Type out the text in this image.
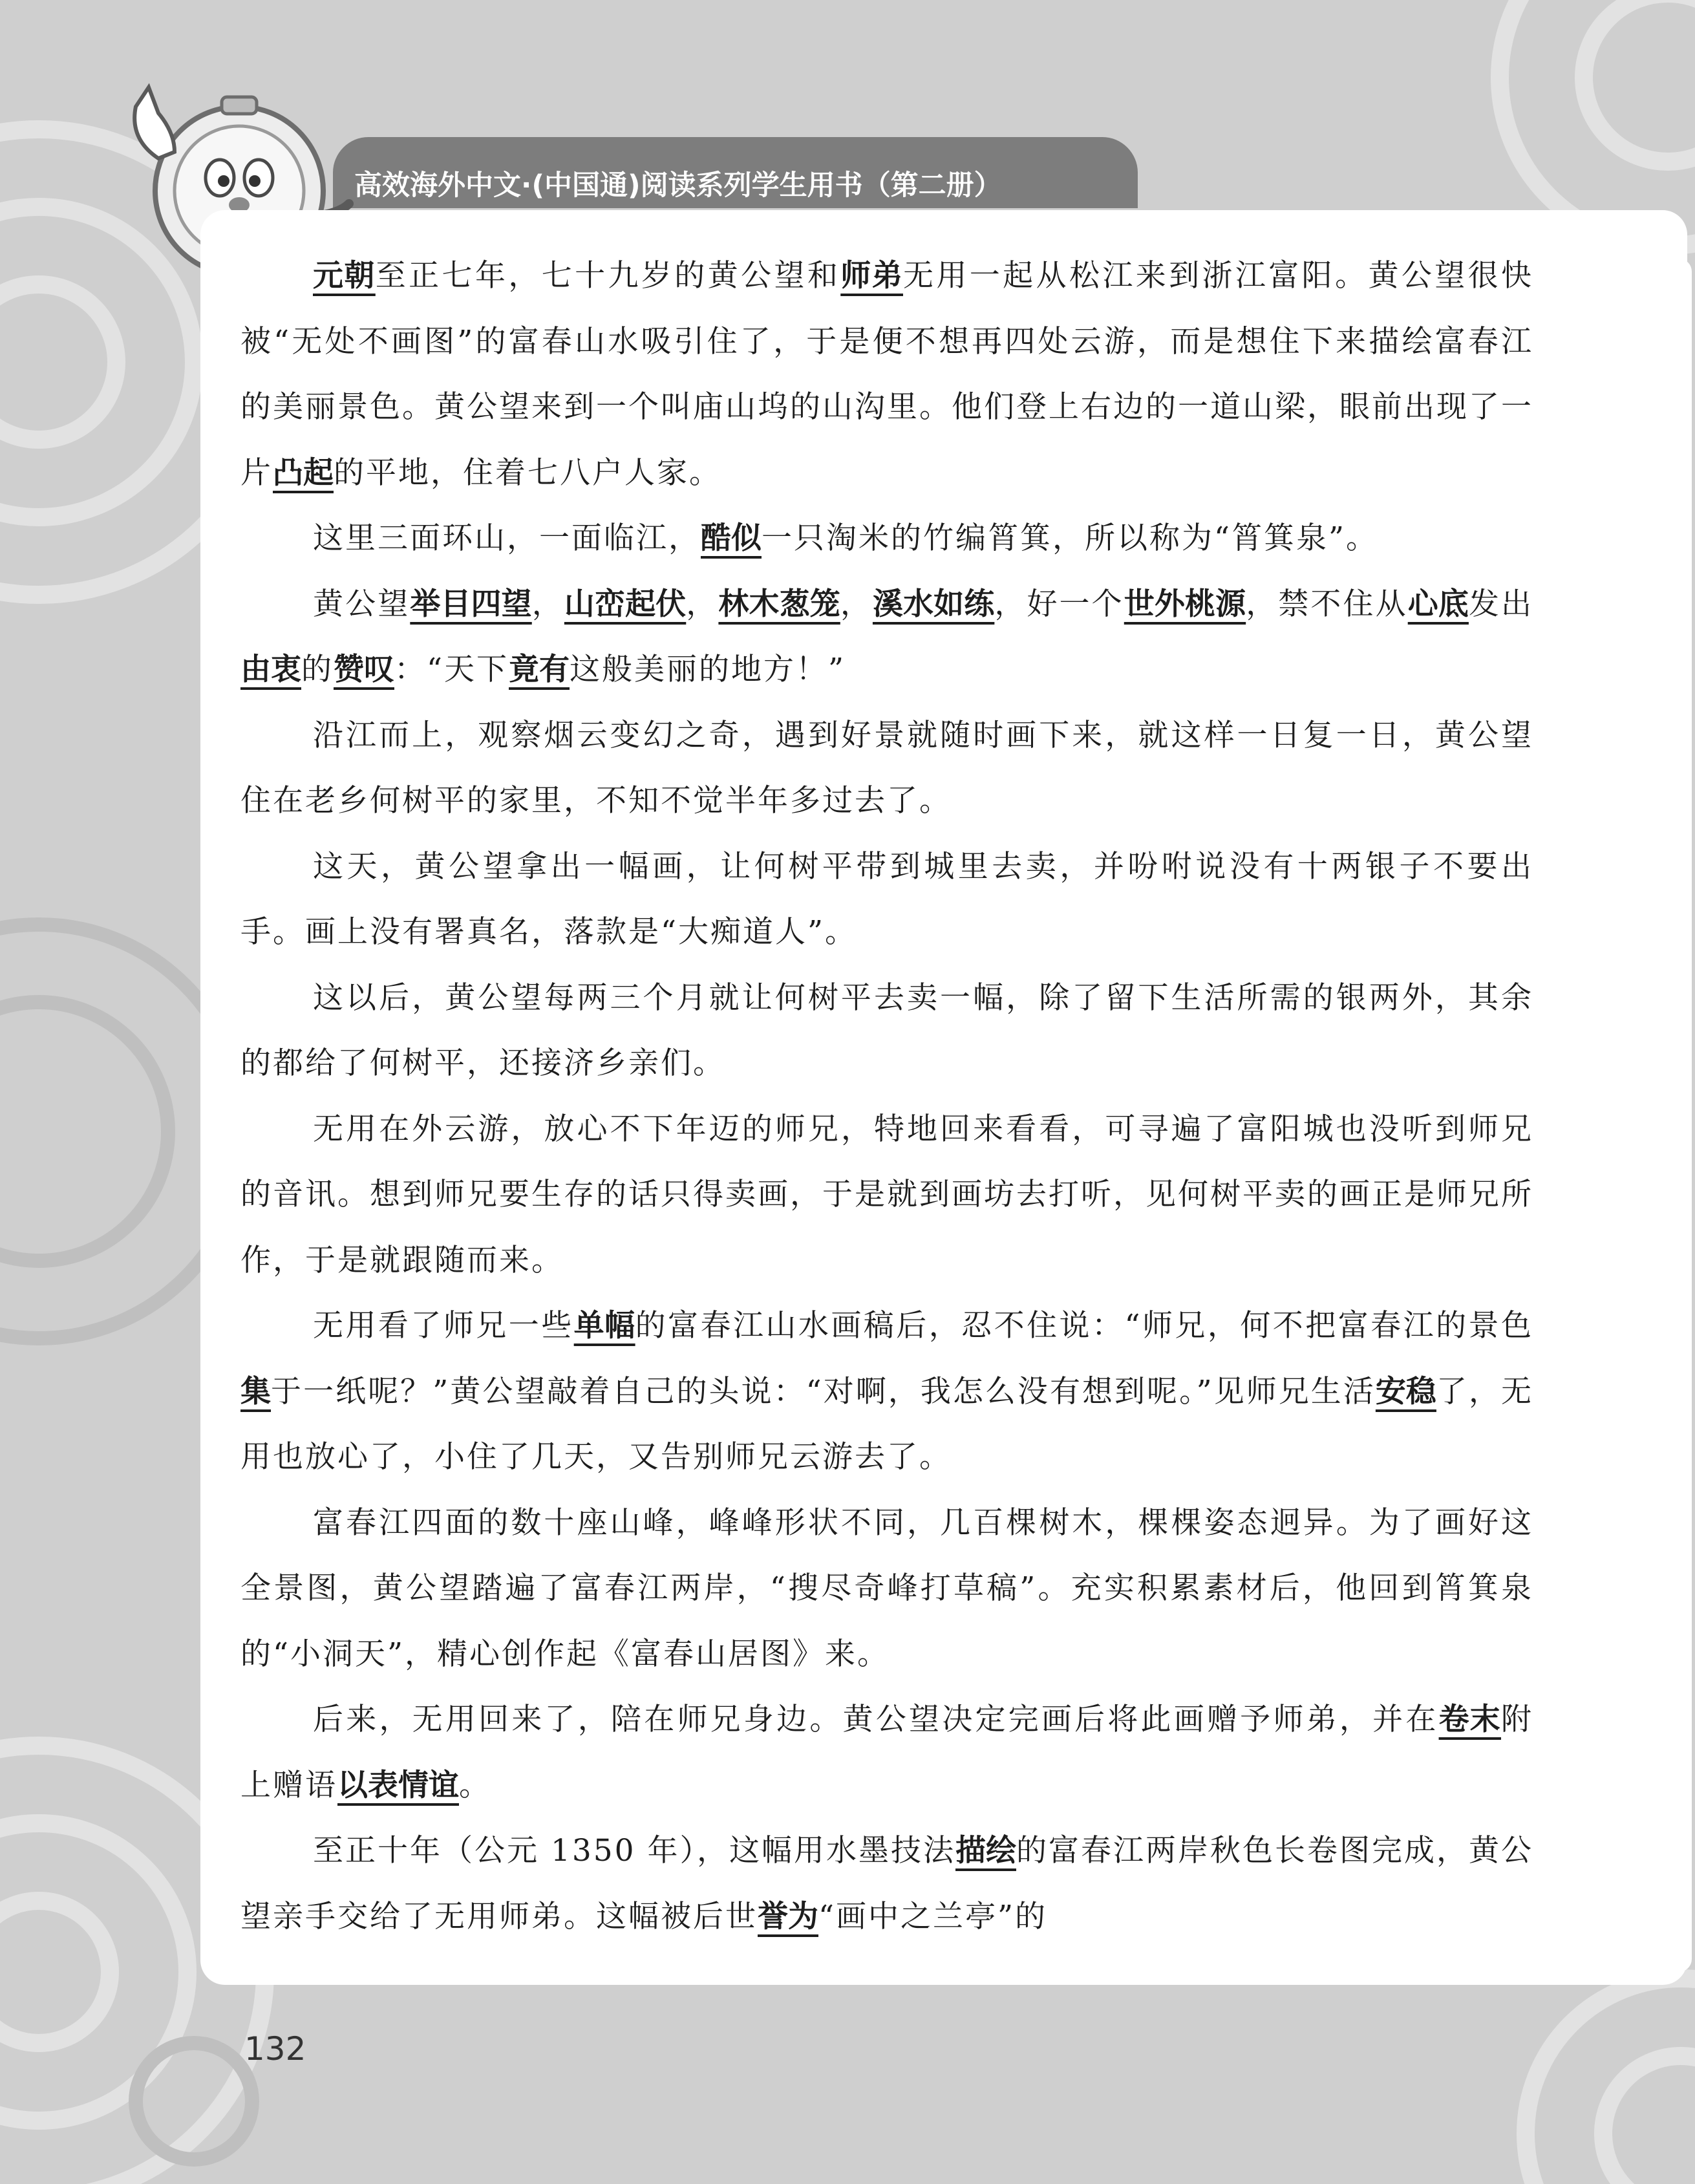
高效海外中文·(中国通)阅读系列学生用书（第二册）

元朝至正七年，七十九岁的黄公望和师弟无用一起从松江来到浙江富阳。黄公望很快被“无处不画图”的富春山水吸引住了，于是便不想再四处云游，而是想住下来描绘富春江的美丽景色。黄公望来到一个叫庙山坞的山沟里。他们登上右边的一道山梁，眼前出现了一片凸起的平地，住着七八户人家。

这里三面环山，一面临江，酷似一只淘米的竹编筲箕，所以称为“筲箕泉”。

黄公望举目四望，山峦起伏，林木葱笼，溪水如练，好一个世外桃源，禁不住从心底发出由衷的赞叹：“天下竟有这般美丽的地方！”

沿江而上，观察烟云变幻之奇，遇到好景就随时画下来，就这样一日复一日，黄公望住在老乡何树平的家里，不知不觉半年多过去了。

这天，黄公望拿出一幅画，让何树平带到城里去卖，并吩咐说没有十两银子不要出手。画上没有署真名，落款是“大痴道人”。

这以后，黄公望每两三个月就让何树平去卖一幅，除了留下生活所需的银两外，其余的都给了何树平，还接济乡亲们。

无用在外云游，放心不下年迈的师兄，特地回来看看，可寻遍了富阳城也没听到师兄的音讯。想到师兄要生存的话只得卖画，于是就到画坊去打听，见何树平卖的画正是师兄所作，于是就跟随而来。

无用看了师兄一些单幅的富春江山水画稿后，忍不住说：“师兄，何不把富春江的景色集于一纸呢？”黄公望敲着自己的头说：“对啊，我怎么没有想到呢。”见师兄生活安稳了，无用也放心了，小住了几天，又告别师兄云游去了。

富春江四面的数十座山峰，峰峰形状不同，几百棵树木，棵棵姿态迥异。为了画好这全景图，黄公望踏遍了富春江两岸，“搜尽奇峰打草稿”。充实积累素材后，他回到筲箕泉的“小洞天”，精心创作起《富春山居图》来。

后来，无用回来了，陪在师兄身边。黄公望决定完画后将此画赠予师弟，并在卷末附上赠语以表情谊。

至正十年（公元 1350 年），这幅用水墨技法描绘的富春江两岸秋色长卷图完成，黄公望亲手交给了无用师弟。这幅被后世誉为“画中之兰亭”的

132
